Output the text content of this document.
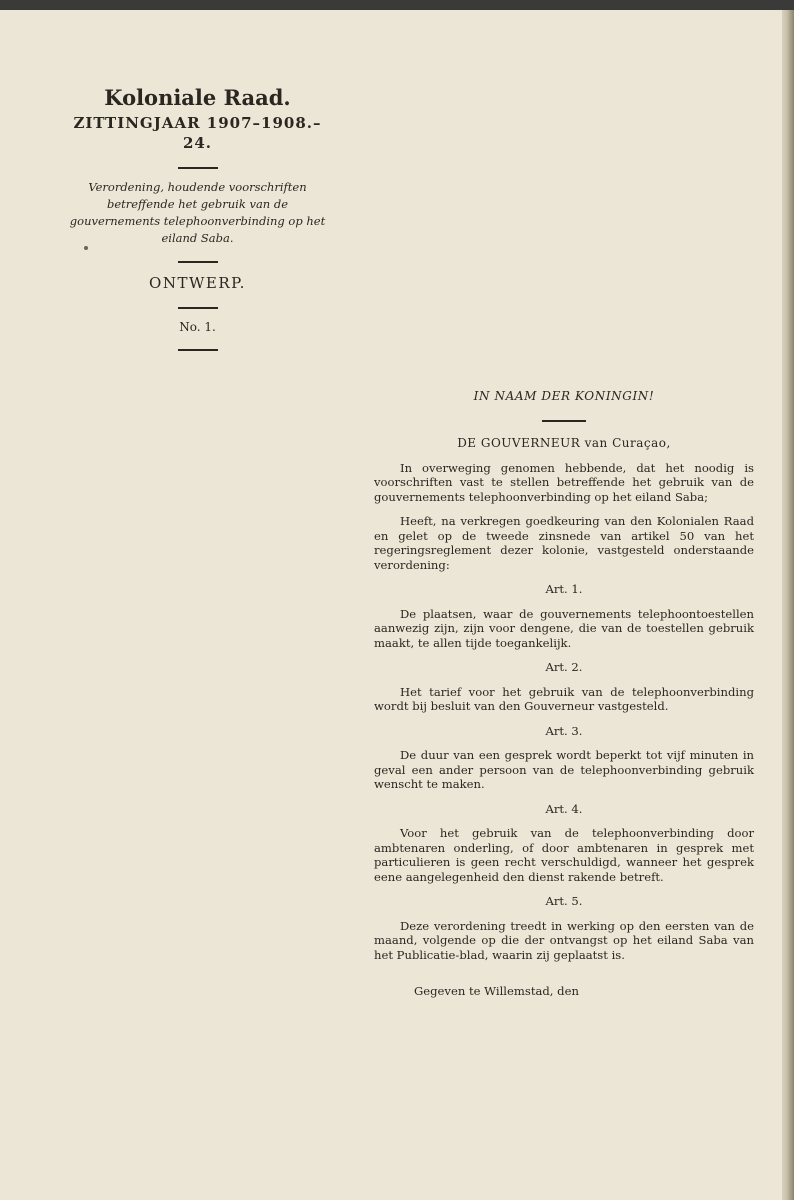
Koloniale Raad.

ZITTINGJAAR 1907–1908.–24.

Verordening, houdende voorschriften betreffende het gebruik van de gouvernements telephoonverbinding op het eiland Saba.

ONTWERP.

No. 1.

IN NAAM DER KONINGIN!

DE GOUVERNEUR van Curaçao,

In overweging genomen hebbende, dat het noodig is voorschriften vast te stellen betreffende het gebruik van de gouvernements telephoonverbinding op het eiland Saba;

Heeft, na verkregen goedkeuring van den Kolonialen Raad en gelet op de tweede zinsnede van artikel 50 van het regeringsreglement dezer kolonie, vastgesteld onderstaande verordening:

Art. 1.

De plaatsen, waar de gouvernements telephoontoestellen aanwezig zijn, zijn voor dengene, die van de toestellen gebruik maakt, te allen tijde toegankelijk.

Art. 2.

Het tarief voor het gebruik van de telephoonverbinding wordt bij besluit van den Gouverneur vastgesteld.

Art. 3.

De duur van een gesprek wordt beperkt tot vijf minuten in geval een ander persoon van de telephoonverbinding gebruik wenscht te maken.

Art. 4.

Voor het gebruik van de telephoonverbinding door ambtenaren onderling, of door ambtenaren in gesprek met particulieren is geen recht verschuldigd, wanneer het gesprek eene aangelegenheid den dienst rakende betreft.

Art. 5.

Deze verordening treedt in werking op den eersten van de maand, volgende op die der ontvangst op het eiland Saba van het Publicatie-blad, waarin zij geplaatst is.

Gegeven te Willemstad, den
